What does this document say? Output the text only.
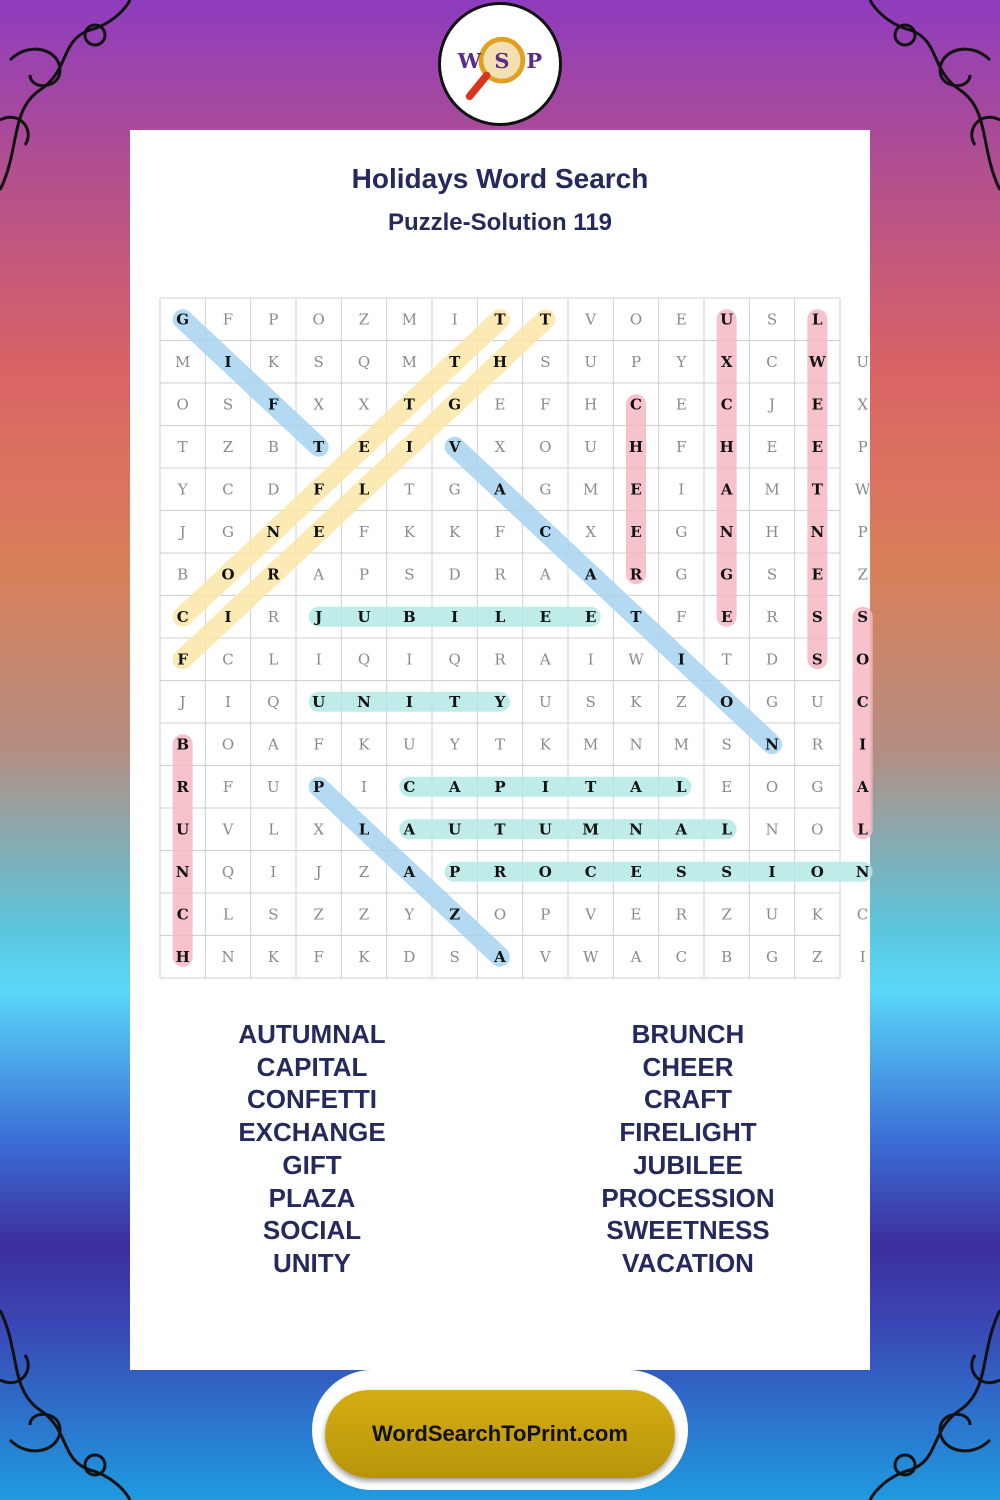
W S P
Holidays Word Search
Puzzle-Solution 119
G F P O Z M I T T V O E U S L
M I K S Q M T H S U P Y X C W U
O S F X X T G E F H C E C J E X
T Z B T E I V X O U H F H E E P
Y C D F L T G A G M E I A M T W
J G N E F K K F C X E G N H N P
B O R A P S D R A A R G G S E Z
C I R J U B I L E E T F E R S S
F C L I Q I Q R A I W I T D S O
J	I Q U N I T Y U S K Z O G U C
B O A F K U Y T K M N M S N R I
R F U P I C A P I T A L E O G A
U V L X L A U T U M N A L N O L
N Q I	J Z A P R O C E S S I O N
C L S Z Z Y Z O P V E R Z U K C
H N K F K D S A V W A C B G Z I
AUTUMNAL
CAPITAL
CONFETTI
EXCHANGE
GIFT
PLAZA
SOCIAL
UNITY
BRUNCH
CHEER
CRAFT
FIRELIGHT
JUBILEE
PROCESSION
SWEETNESS
VACATION
WordSearchToPrint.com
